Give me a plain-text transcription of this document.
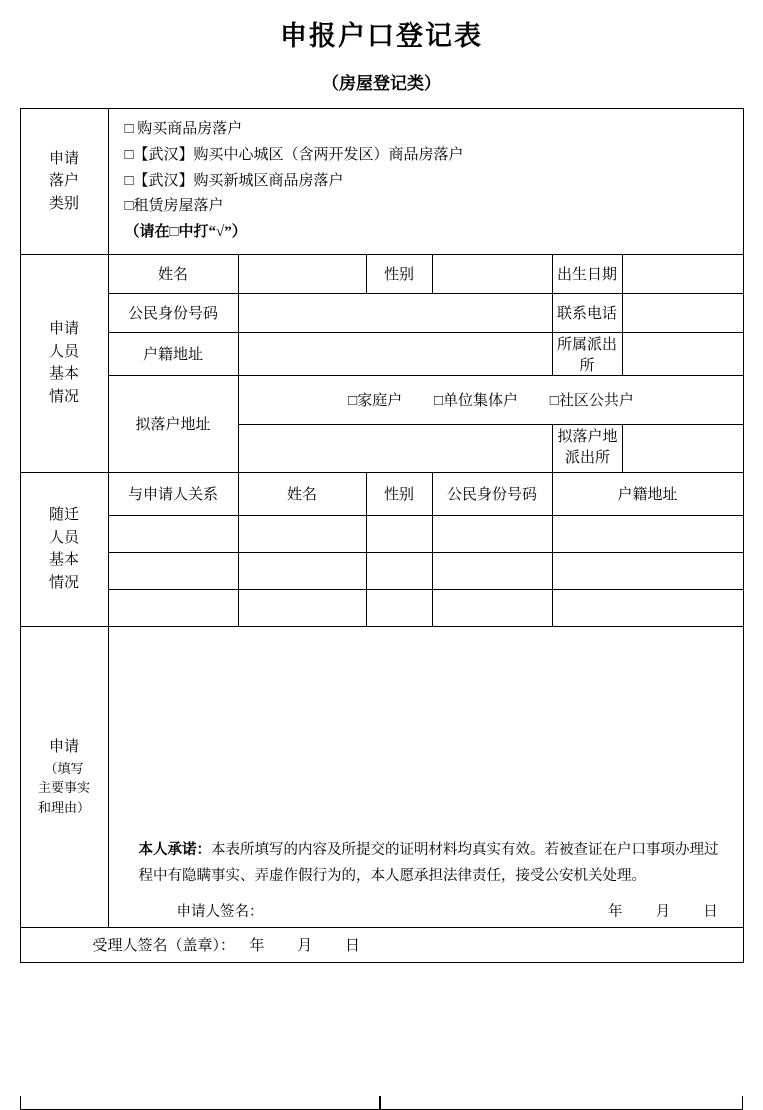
申报户口登记表
（房屋登记类）
申请
落户
类别

□ 购买商品房落户
□【武汉】购买中心城区（含两开发区）商品房落户
□【武汉】购买新城区商品房落户
□租赁房屋落户
（请在□中打“√”）

申请
人员
基本
情况
	姓名		性别		出生日期	
公民身份号码		联系电话	
户籍地址		所属派出所	
拟落户地址	
□家庭户 □单位集体户 □社区公共户

拟落户地
派出所

随迁
人员
基本
情况
	与申请人关系	姓名	性别	公民身份号码	户籍地址

申请
（填写
主要事实
和理由）

本人承诺：本表所填写的内容及所提交的证明材料均真实有效。若被查证在户口事项办理过程中有隐瞒事实、弄虚作假行为的，本人愿承担法律责任，接受公安机关处理。
申请人签名：	年 月 日

受理人签名（盖章）： 年 月 日
